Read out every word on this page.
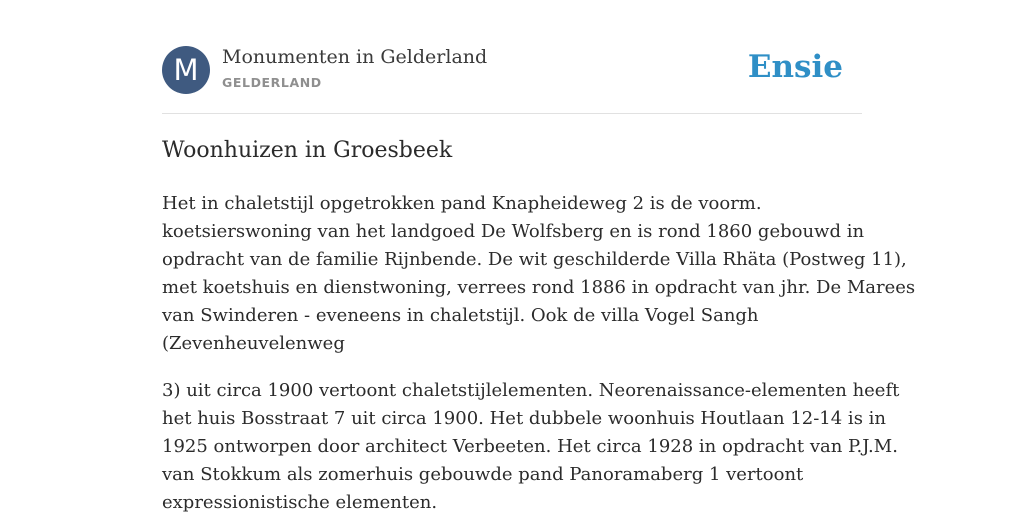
M	Monumenten in Gelderland
GELDERLAND	Ensie
Woonhuizen in Groesbeek

Het in chaletstijl opgetrokken pand Knapheideweg 2 is de voorm.
koetsierswoning van het landgoed De Wolfsberg en is rond 1860 gebouwd in
opdracht van de familie Rijnbende. De wit geschilderde Villa Rhäta (Postweg 11),
met koetshuis en dienstwoning, verrees rond 1886 in opdracht van jhr. De Marees
van Swinderen - eveneens in chaletstijl. Ook de villa Vogel Sangh
(Zevenheuvelenweg

3) uit circa 1900 vertoont chaletstijlelementen. Neorenaissance-elementen heeft
het huis Bosstraat 7 uit circa 1900. Het dubbele woonhuis Houtlaan 12-14 is in
1925 ontworpen door architect Verbeeten. Het circa 1928 in opdracht van P.J.M.
van Stokkum als zomerhuis gebouwde pand Panoramaberg 1 vertoont
expressionistische elementen.
